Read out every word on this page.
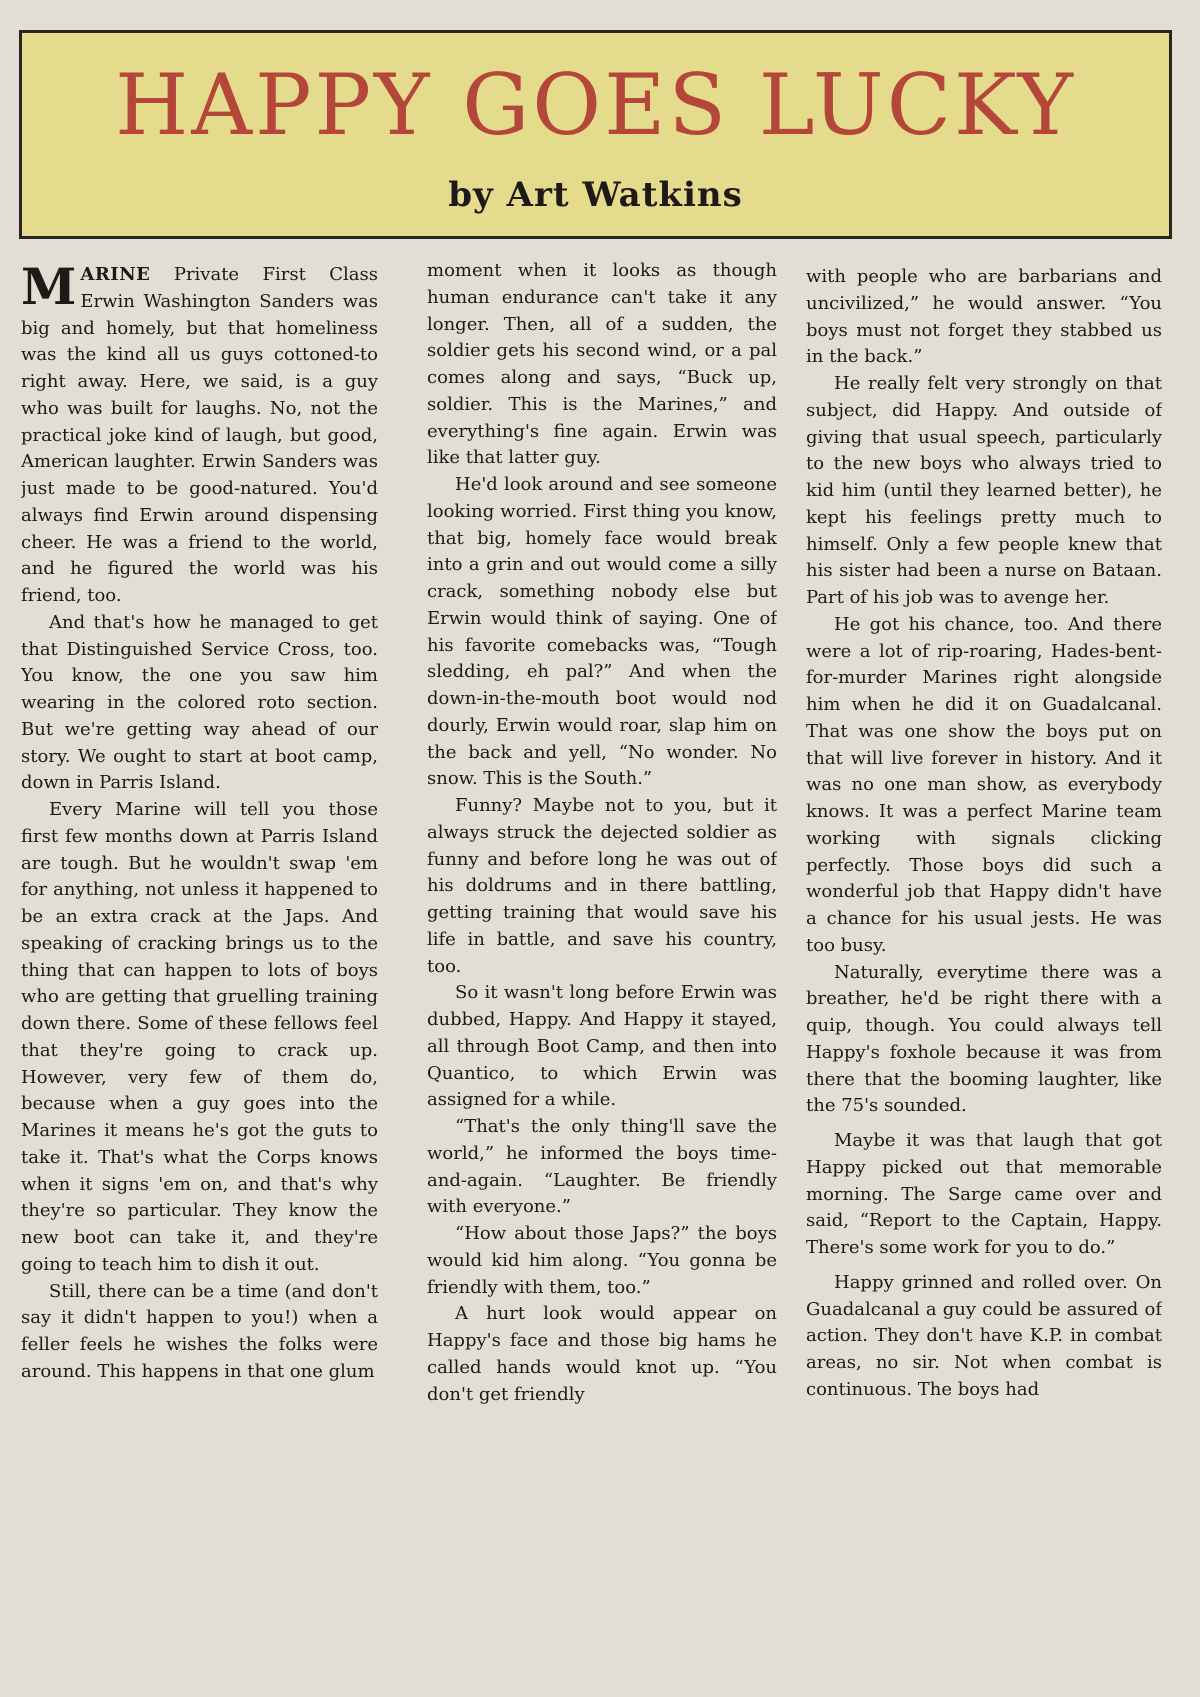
HAPPY GOES LUCKY
by Art Watkins

MARINE Private First Class Erwin Washington Sanders was big and homely, but that homeliness was the kind all us guys cottoned-to right away. Here, we said, is a guy who was built for laughs. No, not the practical joke kind of laugh, but good, American laughter. Erwin Sanders was just made to be good-natured. You'd always find Erwin around dispensing cheer. He was a friend to the world, and he figured the world was his friend, too.

And that's how he managed to get that Distinguished Service Cross, too. You know, the one you saw him wearing in the colored roto section. But we're getting way ahead of our story. We ought to start at boot camp, down in Parris Island.

Every Marine will tell you those first few months down at Parris Island are tough. But he wouldn't swap 'em for anything, not unless it happened to be an extra crack at the Japs. And speaking of cracking brings us to the thing that can happen to lots of boys who are getting that gruelling training down there. Some of these fellows feel that they're going to crack up. However, very few of them do, because when a guy goes into the Marines it means he's got the guts to take it. That's what the Corps knows when it signs 'em on, and that's why they're so particular. They know the new boot can take it, and they're going to teach him to dish it out.

Still, there can be a time (and don't say it didn't happen to you!) when a feller feels he wishes the folks were around. This happens in that one glum

moment when it looks as though human endurance can't take it any longer. Then, all of a sudden, the soldier gets his second wind, or a pal comes along and says, “Buck up, soldier. This is the Marines,” and everything's fine again. Erwin was like that latter guy.

He'd look around and see someone looking worried. First thing you know, that big, homely face would break into a grin and out would come a silly crack, something nobody else but Erwin would think of saying. One of his favorite comebacks was, “Tough sledding, eh pal?” And when the down-in-the-mouth boot would nod dourly, Erwin would roar, slap him on the back and yell, “No wonder. No snow. This is the South.”

Funny? Maybe not to you, but it always struck the dejected soldier as funny and before long he was out of his doldrums and in there battling, getting training that would save his life in battle, and save his country, too.

So it wasn't long before Erwin was dubbed, Happy. And Happy it stayed, all through Boot Camp, and then into Quantico, to which Erwin was assigned for a while.

“That's the only thing'll save the world,” he informed the boys time-and-again. “Laughter. Be friendly with everyone.”

“How about those Japs?” the boys would kid him along. “You gonna be friendly with them, too.”

A hurt look would appear on Happy's face and those big hams he called hands would knot up. “You don't get friendly

with people who are barbarians and uncivilized,” he would answer. “You boys must not forget they stabbed us in the back.”

He really felt very strongly on that subject, did Happy. And outside of giving that usual speech, particularly to the new boys who always tried to kid him (until they learned better), he kept his feelings pretty much to himself. Only a few people knew that his sister had been a nurse on Bataan. Part of his job was to avenge her.

He got his chance, too. And there were a lot of rip-roaring, Hades-bent-for-murder Marines right alongside him when he did it on Guadalcanal. That was one show the boys put on that will live forever in history. And it was no one man show, as everybody knows. It was a perfect Marine team working with signals clicking perfectly. Those boys did such a wonderful job that Happy didn't have a chance for his usual jests. He was too busy.

Naturally, everytime there was a breather, he'd be right there with a quip, though. You could always tell Happy's foxhole because it was from there that the booming laughter, like the 75's sounded.

Maybe it was that laugh that got Happy picked out that memorable morning. The Sarge came over and said, “Report to the Captain, Happy. There's some work for you to do.”

Happy grinned and rolled over. On Guadalcanal a guy could be assured of action. They don't have K.P. in combat areas, no sir. Not when combat is continuous. The boys had
